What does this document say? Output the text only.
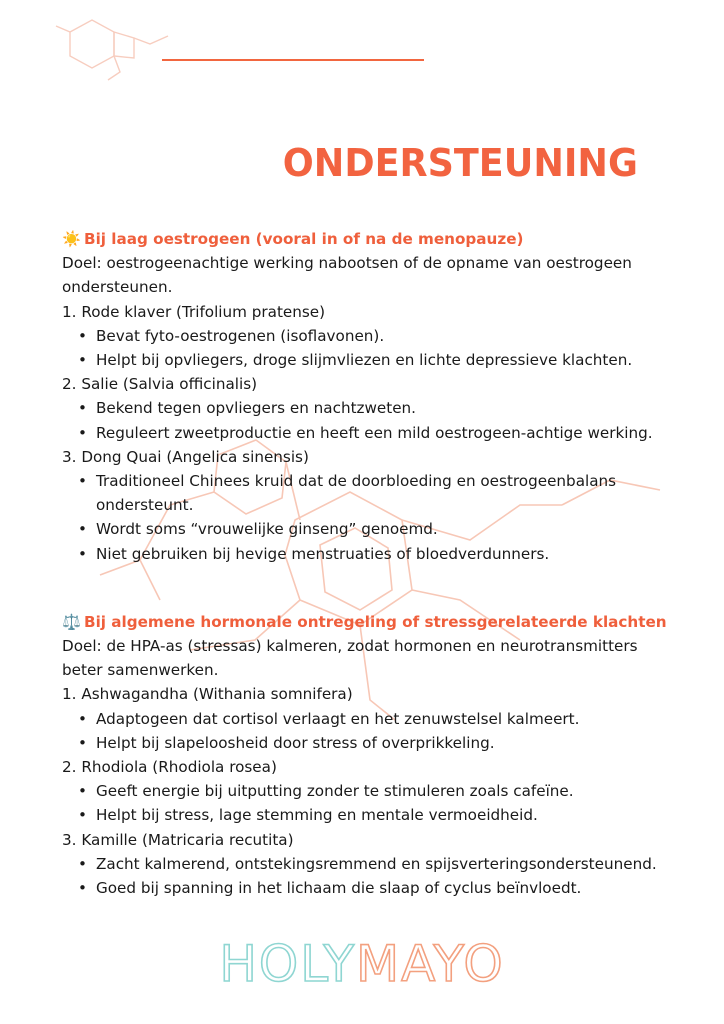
ONDERSTEUNING

☀️ Bij laag oestrogeen (vooral in of na de menopauze)

Doel: oestrogeenachtige werking nabootsen of de opname van oestrogeen
ondersteunen.

1. Rode klaver (Trifolium pratense)

• Bevat fyto-oestrogenen (isoflavonen).
• Helpt bij opvliegers, droge slijmvliezen en lichte depressieve klachten.

2. Salie (Salvia officinalis)

• Bekend tegen opvliegers en nachtzweten.
• Reguleert zweetproductie en heeft een mild oestrogeen-achtige werking.

3. Dong Quai (Angelica sinensis)

• Traditioneel Chinees kruid dat de doorbloeding en oestrogeenbalans
ondersteunt.
• Wordt soms “vrouwelijke ginseng” genoemd.
• Niet gebruiken bij hevige menstruaties of bloedverdunners.

⚖️ Bij algemene hormonale ontregeling of stressgerelateerde klachten

Doel: de HPA-as (stressas) kalmeren, zodat hormonen en neurotransmitters
beter samenwerken.

1. Ashwagandha (Withania somnifera)

• Adaptogeen dat cortisol verlaagt en het zenuwstelsel kalmeert.
• Helpt bij slapeloosheid door stress of overprikkeling.

2. Rhodiola (Rhodiola rosea)

• Geeft energie bij uitputting zonder te stimuleren zoals cafeïne.
• Helpt bij stress, lage stemming en mentale vermoeidheid.

3. Kamille (Matricaria recutita)

• Zacht kalmerend, ontstekingsremmend en spijsverteringsondersteunend.
• Goed bij spanning in het lichaam die slaap of cyclus beïnvloedt.
HOLYMAYO
